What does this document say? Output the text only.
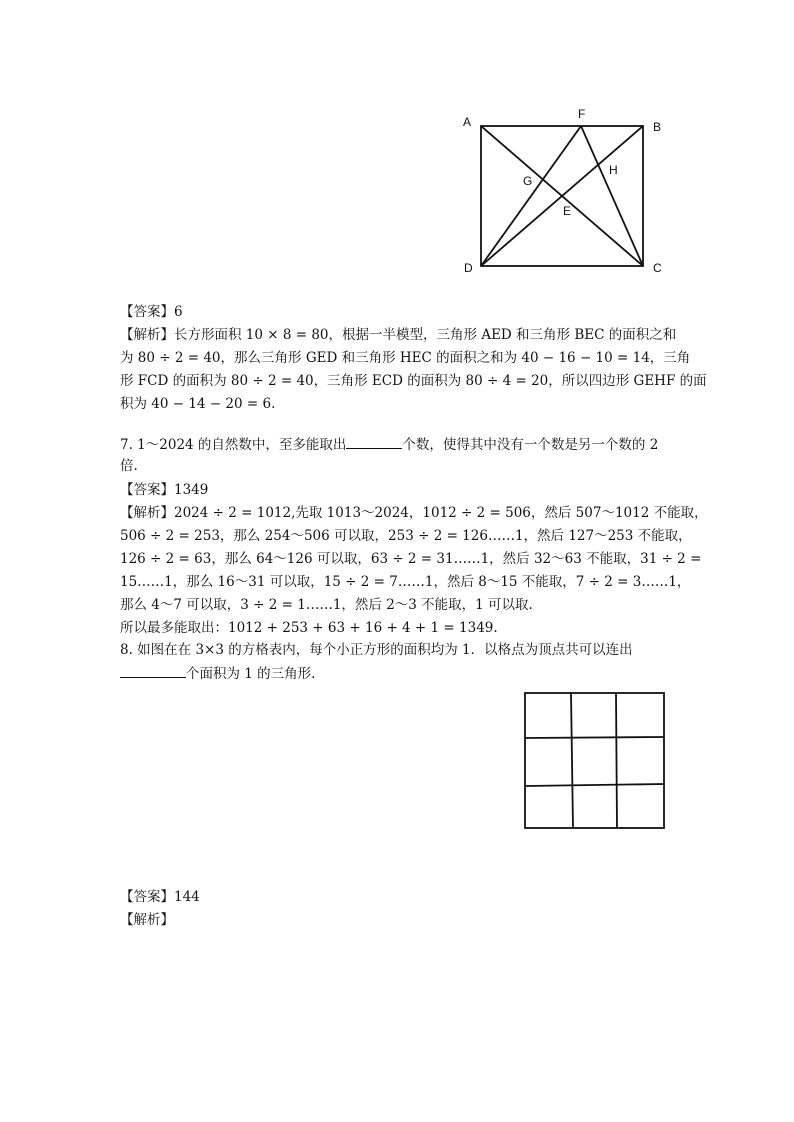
A	B
C
D
E
F
G
H
【答案】6
【解析】长方形面积 10 × 8 = 80，根据一半模型，三角形 AED 和三角形 BEC 的面积之和
为 80 ÷ 2 = 40，那么三角形 GED 和三角形 HEC 的面积之和为 40 − 16 − 10 = 14，三角
形 FCD 的面积为 80 ÷ 2 = 40，三角形 ECD 的面积为 80 ÷ 4 = 20，所以四边形 GEHF 的面
积为 40 − 14 − 20 = 6.
7. 1～2024 的自然数中，至多能取出	个数，使得其中没有一个数是另一个数的 2
倍.
【答案】1349
【解析】2024 ÷ 2 = 1012,先取 1013～2024，1012 ÷ 2 = 506，然后 507～1012 不能取，
506 ÷ 2 = 253，那么 254～506 可以取，253 ÷ 2 = 126……1，然后 127～253 不能取，
126 ÷ 2 = 63，那么 64～126 可以取，63 ÷ 2 = 31……1，然后 32～63 不能取，31 ÷ 2 =
15……1，那么 16～31 可以取，15 ÷ 2 = 7……1，然后 8～15 不能取，7 ÷ 2 = 3……1，
那么 4～7 可以取，3 ÷ 2 = 1……1，然后 2～3 不能取，1 可以取.
所以最多能取出：1012 + 253 + 63 + 16 + 4 + 1 = 1349.
8. 如图在在 3×3 的方格表内，每个小正方形的面积均为 1．以格点为顶点共可以连出
个面积为 1 的三角形.
【答案】144
【解析】
